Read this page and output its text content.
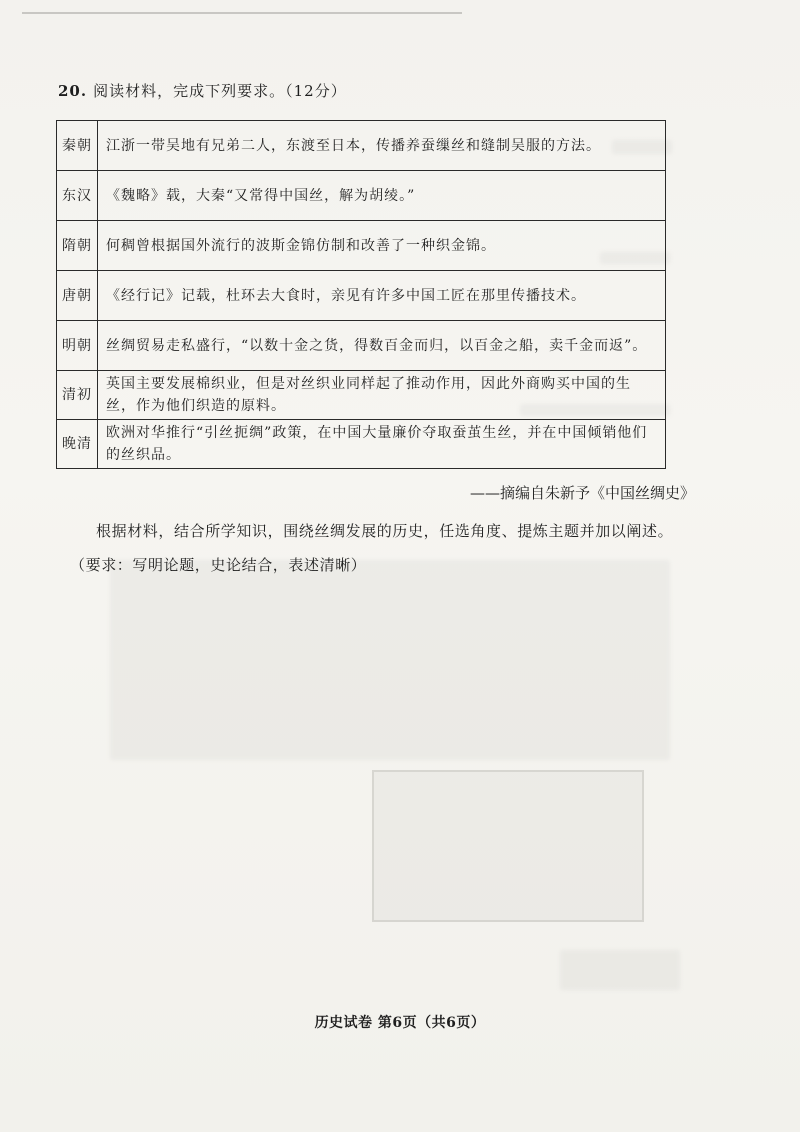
20. 阅读材料，完成下列要求。（12分）
秦朝	江浙一带吴地有兄弟二人，东渡至日本，传播养蚕缫丝和缝制吴服的方法。
东汉	《魏略》载，大秦“又常得中国丝，解为胡绫。”
隋朝	何稠曾根据国外流行的波斯金锦仿制和改善了一种织金锦。
唐朝	《经行记》记载，杜环去大食时，亲见有许多中国工匠在那里传播技术。
明朝	丝绸贸易走私盛行，“以数十金之货，得数百金而归，以百金之船，卖千金而返”。
清初	英国主要发展棉织业，但是对丝织业同样起了推动作用，因此外商购买中国的生丝，作为他们织造的原料。
晚清	欧洲对华推行“引丝扼绸”政策，在中国大量廉价夺取蚕茧生丝，并在中国倾销他们的丝织品。
——摘编自朱新予《中国丝绸史》
根据材料，结合所学知识，围绕丝绸发展的历史，任选角度、提炼主题并加以阐述。
（要求：写明论题，史论结合，表述清晰）
历史试卷 第6页（共6页）
